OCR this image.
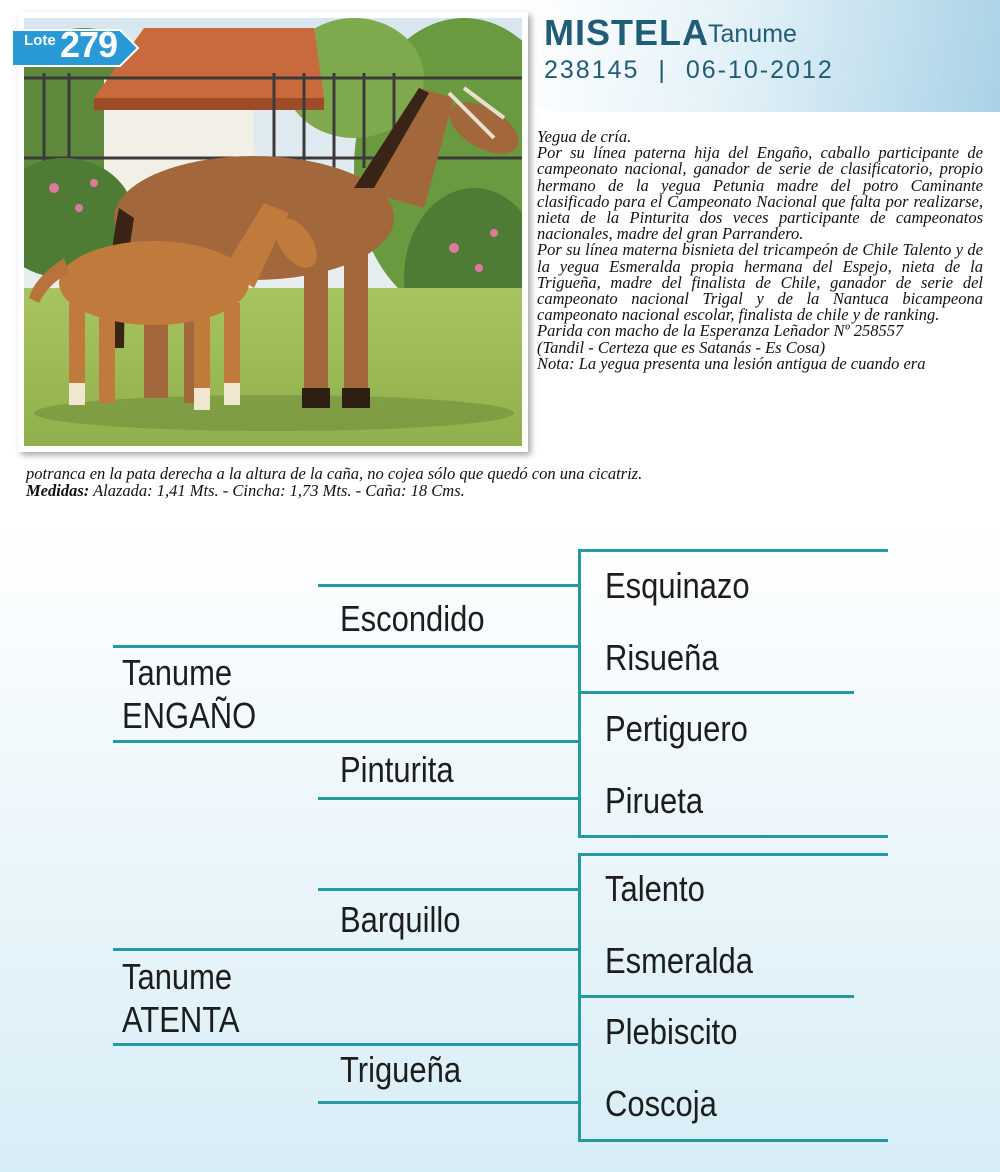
Lote 279	MISTELA Tanume
238145 | 06-10-2012

Yegua de cría.

Por su línea paterna hija del Engaño, caballo participante de campeonato nacional, ganador de serie de clasificatorio, propio hermano de la yegua Petunia madre del potro Caminante clasificado para el Campeonato Nacional que falta por realizarse, nieta de la Pinturita dos veces participante de campeonatos nacionales, madre del gran Parrandero.

Por su línea materna bisnieta del tricampeón de Chile Talento y de la yegua Esmeralda propia hermana del Espejo, nieta de la Trigueña, madre del finalista de Chile, ganador de serie del campeonato nacional Trigal y de la Nantuca bicampeona campeonato nacional escolar, finalista de chile y de ranking.

Parida con macho de la Esperanza Leñador Nº 258557

(Tandil - Certeza que es Satanás - Es Cosa)

Nota: La yegua presenta una lesión antigua de cuando era

potranca en la pata derecha a la altura de la caña, no cojea sólo que quedó con una cicatriz.
Medidas: Alazada: 1,41 Mts. - Cincha: 1,73 Mts. - Caña: 18 Cms.
Tanume
ENGAÑO
Tanume
ATENTA
Escondido
Pinturita
Barquillo
Trigueña
Esquinazo
Risueña
Pertiguero
Pirueta
Talento
Esmeralda
Plebiscito
Coscoja
